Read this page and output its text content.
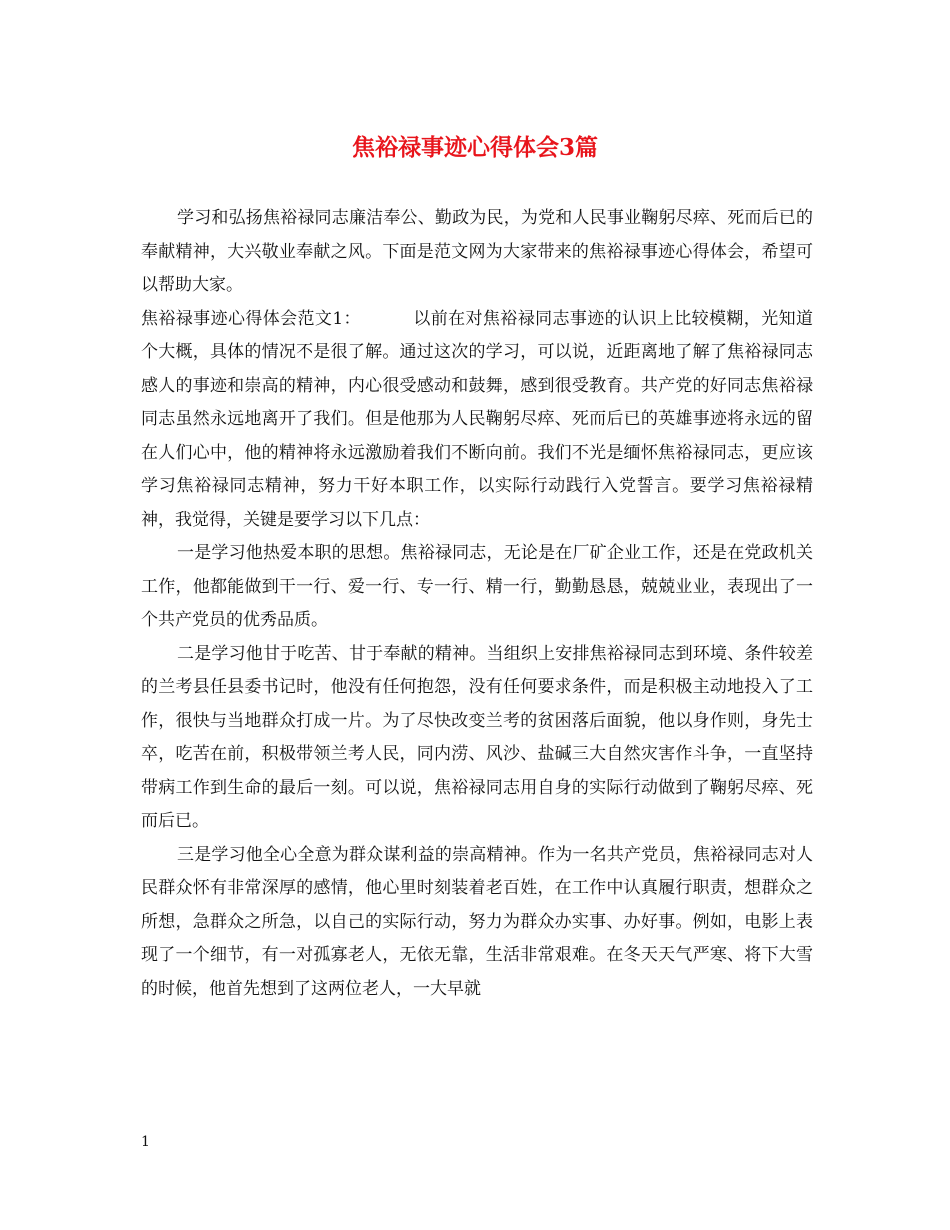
焦裕禄事迹心得体会3篇

学习和弘扬焦裕禄同志廉洁奉公、勤政为民，为党和人民事业鞠躬尽瘁、死而后已的奉献精神，大兴敬业奉献之风。下面是范文网为大家带来的焦裕禄事迹心得体会，希望可以帮助大家。

焦裕禄事迹心得体会范文1：	以前在对焦裕禄同志事迹的认识上比较模糊，光知道个大概，具体的情况不是很了解。通过这次的学习，可以说，近距离地了解了焦裕禄同志感人的事迹和崇高的精神，内心很受感动和鼓舞，感到很受教育。共产党的好同志焦裕禄同志虽然永远地离开了我们。但是他那为人民鞠躬尽瘁、死而后已的英雄事迹将永远的留在人们心中，他的精神将永远激励着我们不断向前。我们不光是缅怀焦裕禄同志，更应该学习焦裕禄同志精神，努力干好本职工作，以实际行动践行入党誓言。要学习焦裕禄精神，我觉得，关键是要学习以下几点：

一是学习他热爱本职的思想。焦裕禄同志，无论是在厂矿企业工作，还是在党政机关工作，他都能做到干一行、爱一行、专一行、精一行，勤勤恳恳，兢兢业业，表现出了一个共产党员的优秀品质。

二是学习他甘于吃苦、甘于奉献的精神。当组织上安排焦裕禄同志到环境、条件较差的兰考县任县委书记时，他没有任何抱怨，没有任何要求条件，而是积极主动地投入了工作，很快与当地群众打成一片。为了尽快改变兰考的贫困落后面貌，他以身作则，身先士卒，吃苦在前，积极带领兰考人民，同内涝、风沙、盐碱三大自然灾害作斗争，一直坚持带病工作到生命的最后一刻。可以说，焦裕禄同志用自身的实际行动做到了鞠躬尽瘁、死而后已。

三是学习他全心全意为群众谋利益的崇高精神。作为一名共产党员，焦裕禄同志对人民群众怀有非常深厚的感情，他心里时刻装着老百姓，在工作中认真履行职责，想群众之所想，急群众之所急，以自己的实际行动，努力为群众办实事、办好事。例如，电影上表现了一个细节，有一对孤寡老人，无依无靠，生活非常艰难。在冬天天气严寒、将下大雪的时候，他首先想到了这两位老人，一大早就

1
